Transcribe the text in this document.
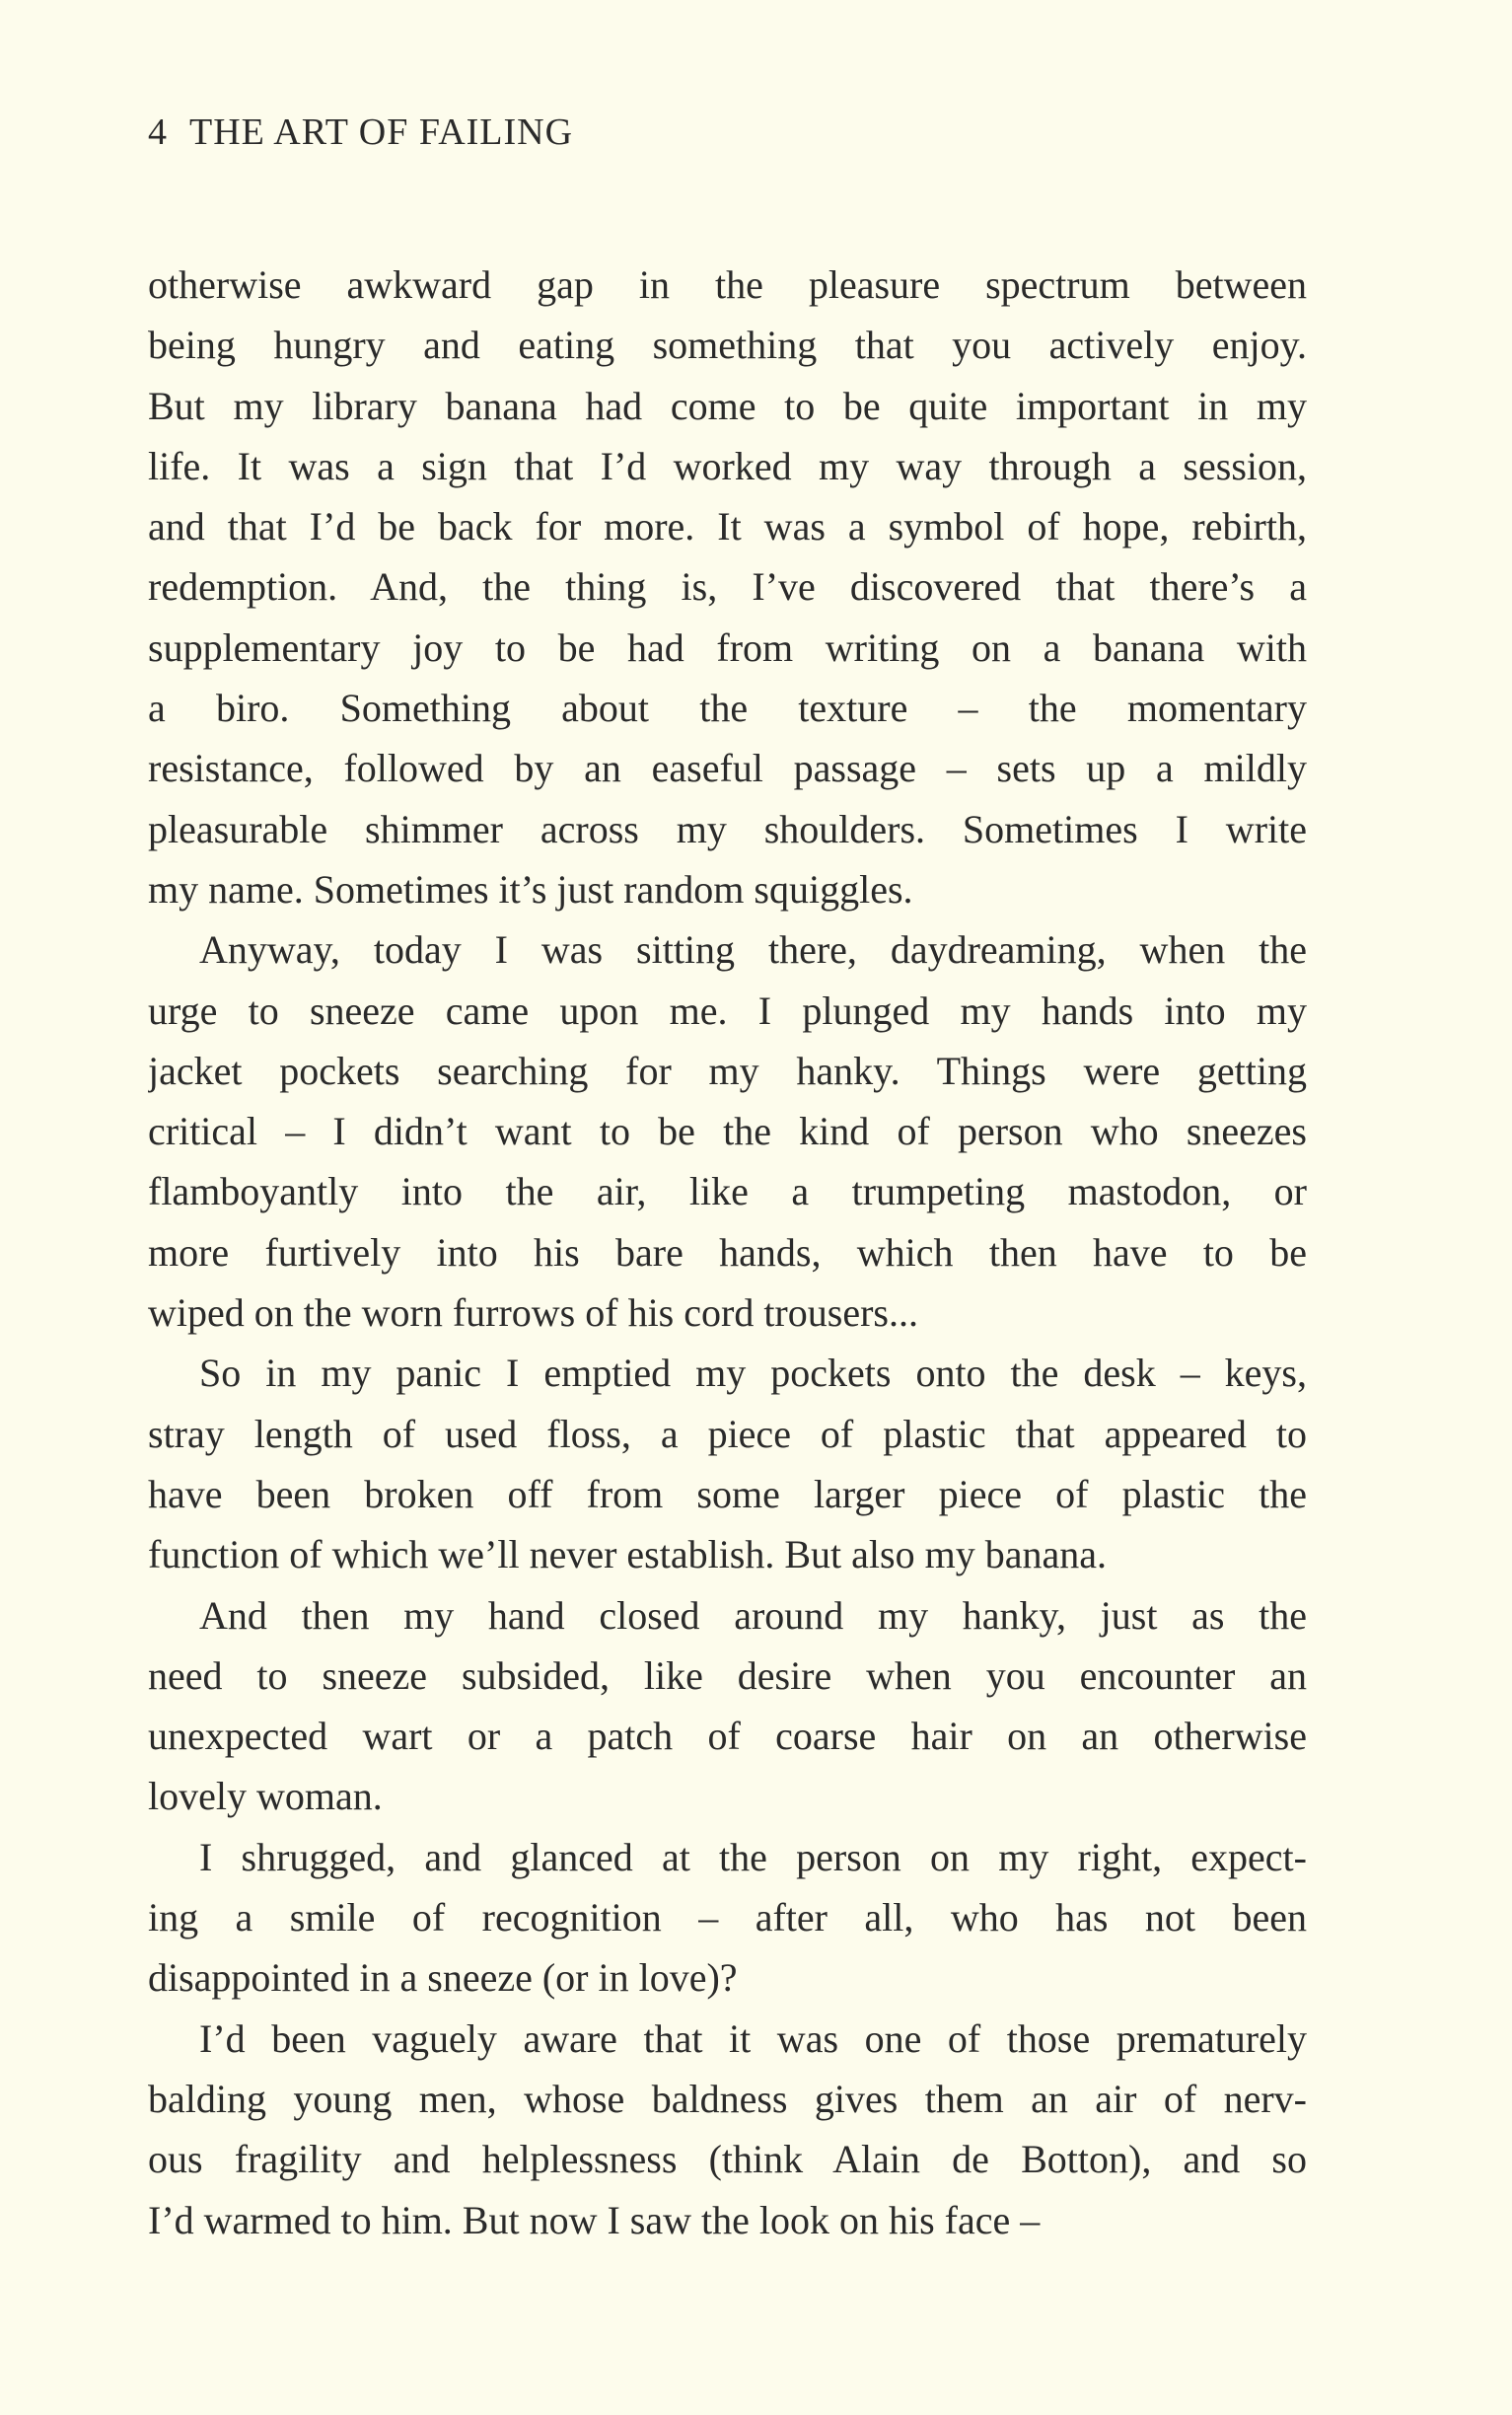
4 THE ART OF FAILING

otherwise awkward gap in the pleasure spectrum between
being hungry and eating something that you actively enjoy.
But my library banana had come to be quite important in my
life. It was a sign that I’d worked my way through a session,
and that I’d be back for more. It was a symbol of hope, rebirth,
redemption. And, the thing is, I’ve discovered that there’s a
supplementary joy to be had from writing on a banana with
a biro. Something about the texture – the momentary
resistance, followed by an easeful passage – sets up a mildly
pleasurable shimmer across my shoulders. Sometimes I write
my name. Sometimes it’s just random squiggles.

Anyway, today I was sitting there, daydreaming, when the
urge to sneeze came upon me. I plunged my hands into my
jacket pockets searching for my hanky. Things were getting
critical – I didn’t want to be the kind of person who sneezes
flamboyantly into the air, like a trumpeting mastodon, or
more furtively into his bare hands, which then have to be
wiped on the worn furrows of his cord trousers...

So in my panic I emptied my pockets onto the desk – keys,
stray length of used floss, a piece of plastic that appeared to
have been broken off from some larger piece of plastic the
function of which we’ll never establish. But also my banana.

And then my hand closed around my hanky, just as the
need to sneeze subsided, like desire when you encounter an
unexpected wart or a patch of coarse hair on an otherwise
lovely woman.

I shrugged, and glanced at the person on my right, expect-
ing a smile of recognition – after all, who has not been
disappointed in a sneeze (or in love)?

I’d been vaguely aware that it was one of those prematurely
balding young men, whose baldness gives them an air of nerv-
ous fragility and helplessness (think Alain de Botton), and so
I’d warmed to him. But now I saw the look on his face –
